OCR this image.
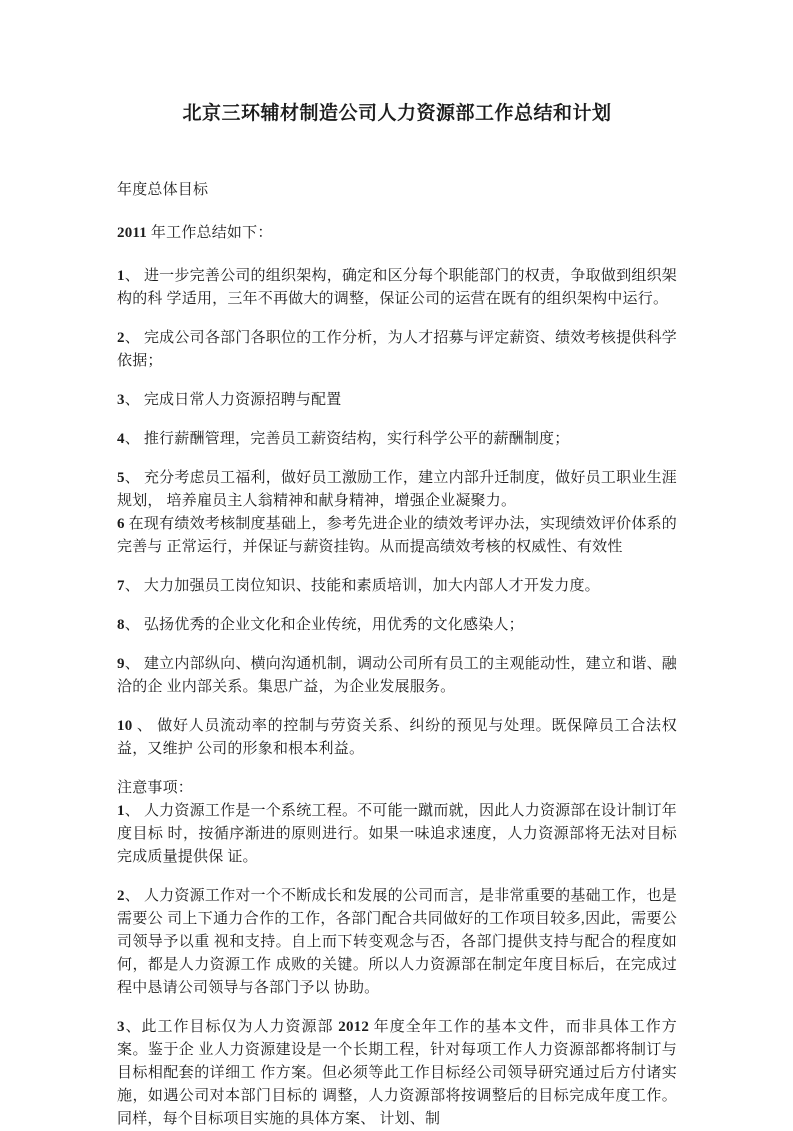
北京三环辅材制造公司人力资源部工作总结和计划

年度总体目标

2011 年工作总结如下：

1、 进一步完善公司的组织架构，确定和区分每个职能部门的权责，争取做到组织架构的科 学适用，三年不再做大的调整，保证公司的运营在既有的组织架构中运行。

2、 完成公司各部门各职位的工作分析，为人才招募与评定薪资、绩效考核提供科学依据；

3、 完成日常人力资源招聘与配置

4、 推行薪酬管理，完善员工薪资结构，实行科学公平的薪酬制度；

5、 充分考虑员工福利，做好员工激励工作，建立内部升迁制度，做好员工职业生涯规划， 培养雇员主人翁精神和献身精神，增强企业凝聚力。

6 在现有绩效考核制度基础上，参考先进企业的绩效考评办法，实现绩效评价体系的完善与 正常运行，并保证与薪资挂钩。从而提高绩效考核的权威性、有效性

7、 大力加强员工岗位知识、技能和素质培训，加大内部人才开发力度。

8、 弘扬优秀的企业文化和企业传统，用优秀的文化感染人；

9、 建立内部纵向、横向沟通机制，调动公司所有员工的主观能动性，建立和谐、融洽的企 业内部关系。集思广益，为企业发展服务。

10 、 做好人员流动率的控制与劳资关系、纠纷的预见与处理。既保障员工合法权益，又维护 公司的形象和根本利益。

注意事项：

1、 人力资源工作是一个系统工程。不可能一蹴而就，因此人力资源部在设计制订年度目标 时，按循序渐进的原则进行。如果一味追求速度，人力资源部将无法对目标完成质量提供保 证。

2、 人力资源工作对一个不断成长和发展的公司而言，是非常重要的基础工作，也是需要公 司上下通力合作的工作，各部门配合共同做好的工作项目较多,因此，需要公司领导予以重 视和支持。自上而下转变观念与否，各部门提供支持与配合的程度如何，都是人力资源工作 成败的关键。所以人力资源部在制定年度目标后，在完成过程中恳请公司领导与各部门予以 协助。

3、此工作目标仅为人力资源部 2012 年度全年工作的基本文件，而非具体工作方案。鉴于企 业人力资源建设是一个长期工程，针对每项工作人力资源部都将制订与目标相配套的详细工 作方案。但必须等此工作目标经公司领导研究通过后方付诸实施，如遇公司对本部门目标的 调整，人力资源部将按调整后的目标完成年度工作。同样，每个目标项目实施的具体方案、 计划、制
